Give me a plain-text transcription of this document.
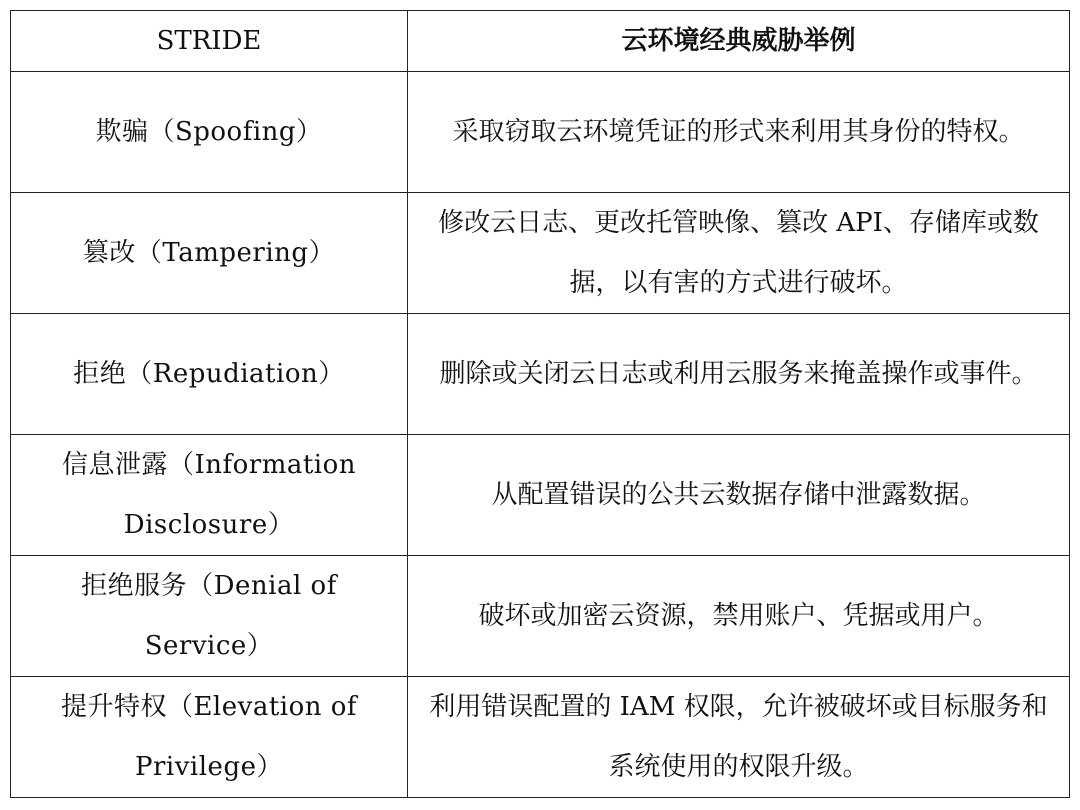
STRIDE	云环境经典威胁举例
欺骗（Spoofing）	采取窃取云环境凭证的形式来利用其身份的特权。
篡改（Tampering）	修改云日志、更改托管映像、篡改 API、存储库或数据，以有害的方式进行破坏。
拒绝（Repudiation）	删除或关闭云日志或利用云服务来掩盖操作或事件。
信息泄露（Information Disclosure）	从配置错误的公共云数据存储中泄露数据。
拒绝服务（Denial of Service）	破坏或加密云资源，禁用账户、凭据或用户。
提升特权（Elevation of Privilege）	利用错误配置的 IAM 权限，允许被破坏或目标服务和系统使用的权限升级。
